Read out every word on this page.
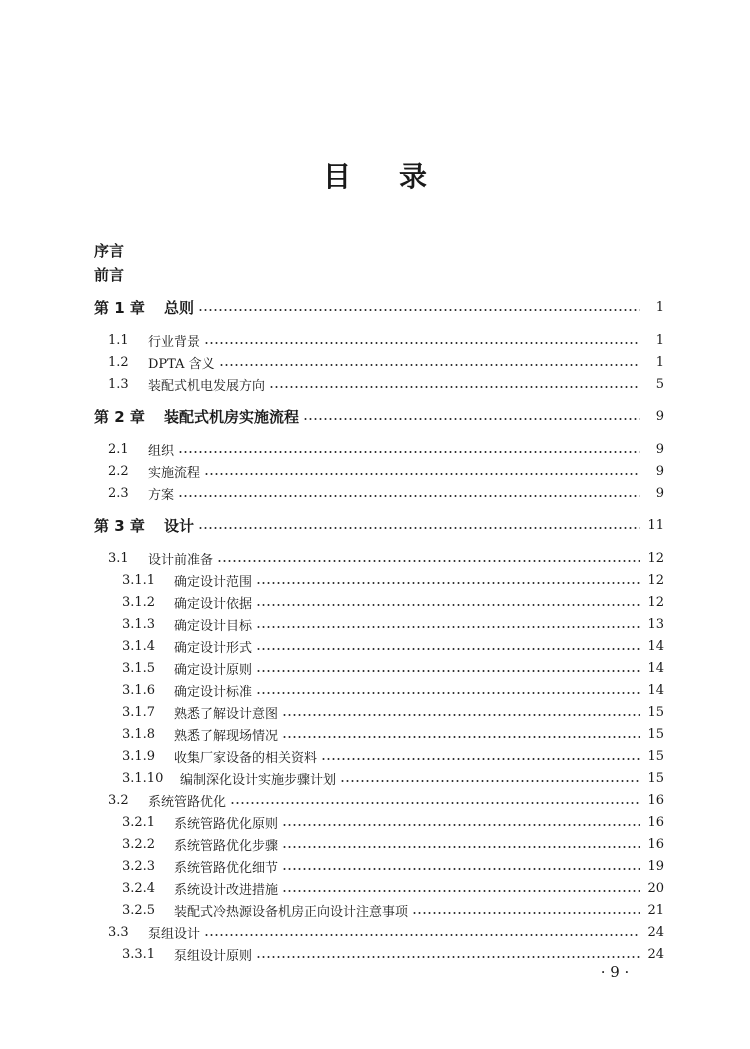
目 录
序言
前言
第 1 章	总则	1
1.1	行业背景	1
1.2	DPTA 含义	1
1.3	装配式机电发展方向	5
第 2 章	装配式机房实施流程	9
2.1	组织	9
2.2	实施流程	9
2.3	方案	9
第 3 章	设计	11
3.1	设计前准备	12
3.1.1	确定设计范围	12
3.1.2	确定设计依据	12
3.1.3	确定设计目标	13
3.1.4	确定设计形式	14
3.1.5	确定设计原则	14
3.1.6	确定设计标准	14
3.1.7	熟悉了解设计意图	15
3.1.8	熟悉了解现场情况	15
3.1.9	收集厂家设备的相关资料	15
3.1.10	编制深化设计实施步骤计划	15
3.2	系统管路优化	16
3.2.1	系统管路优化原则	16
3.2.2	系统管路优化步骤	16
3.2.3	系统管路优化细节	19
3.2.4	系统设计改进措施	20
3.2.5	装配式冷热源设备机房正向设计注意事项	21
3.3	泵组设计	24
3.3.1	泵组设计原则	24
· 9 ·
